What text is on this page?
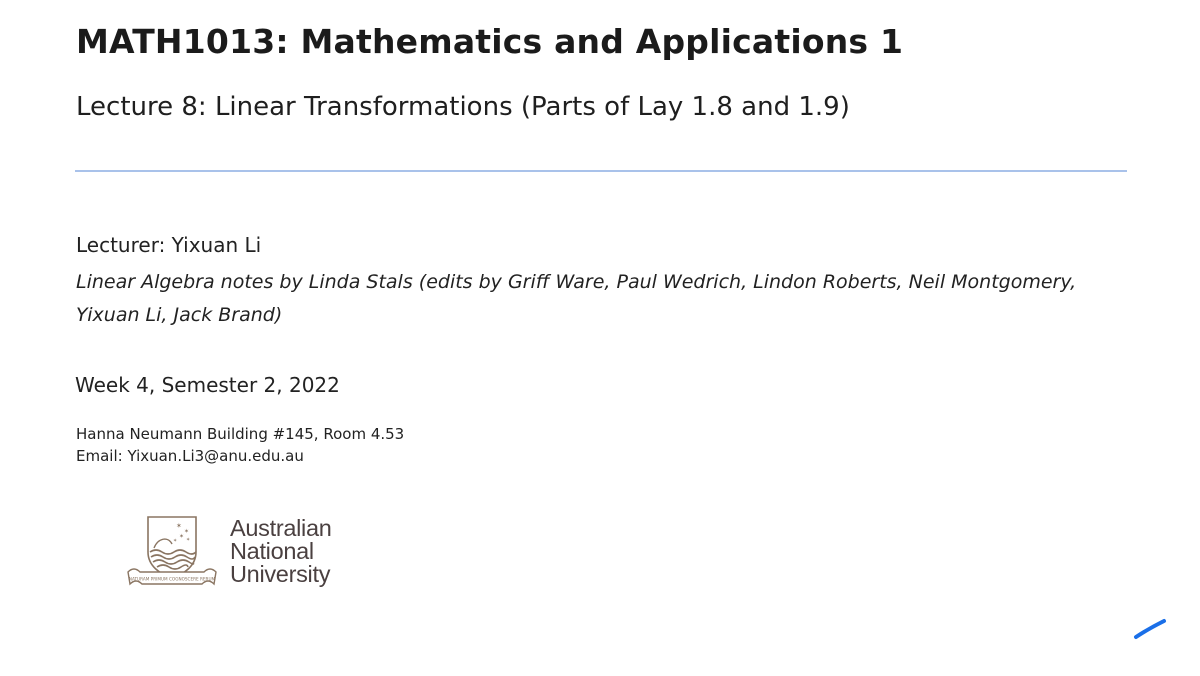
MATH1013: Mathematics and Applications 1
Lecture 8: Linear Transformations (Parts of Lay 1.8 and 1.9)
Lecturer: Yixuan Li
Linear Algebra notes by Linda Stals (edits by Griff Ware, Paul Wedrich, Lindon Roberts, Neil Montgomery,
Yixuan Li, Jack Brand)
Week 4, Semester 2, 2022
Hanna Neumann Building #145, Room 4.53
Email: Yixuan.Li3@anu.edu.au
✶
✶
✶ ✶
✶
NATURAM PRIMUM COGNOSCERE RERUM
Australian
National
University
